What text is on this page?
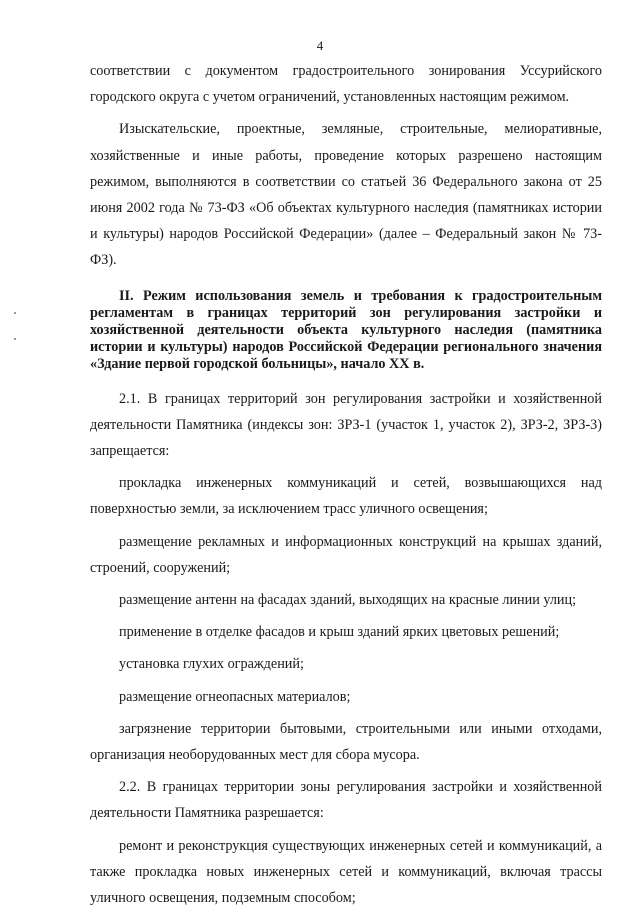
4

соответствии с документом градостроительного зонирования Уссурийского городского округа с учетом ограничений, установленных настоящим режимом.

Изыскательские, проектные, земляные, строительные, мелиоративные, хозяйственные и иные работы, проведение которых разрешено настоящим режимом, выполняются в соответствии со статьей 36 Федерального закона от 25 июня 2002 года № 73-ФЗ «Об объектах культурного наследия (памятниках истории и культуры) народов Российской Федерации» (далее – Федеральный закон № 73-ФЗ).

II. Режим использования земель и требования к градостроительным регламентам в границах территорий зон регулирования застройки и хозяйственной деятельности объекта культурного наследия (памятника истории и культуры) народов Российской Федерации регионального значения «Здание первой городской больницы», начало XX в.

2.1. В границах территорий зон регулирования застройки и хозяйственной деятельности Памятника (индексы зон: ЗРЗ-1 (участок 1, участок 2), ЗРЗ-2, ЗРЗ-3) запрещается:

прокладка инженерных коммуникаций и сетей, возвышающихся над поверхностью земли, за исключением трасс уличного освещения;

размещение рекламных и информационных конструкций на крышах зданий, строений, сооружений;

размещение антенн на фасадах зданий, выходящих на красные линии улиц;

применение в отделке фасадов и крыш зданий ярких цветовых решений;

установка глухих ограждений;

размещение огнеопасных материалов;

загрязнение территории бытовыми, строительными или иными отходами, организация необорудованных мест для сбора мусора.

2.2. В границах территории зоны регулирования застройки и хозяйственной деятельности Памятника разрешается:

ремонт и реконструкция существующих инженерных сетей и коммуникаций, а также прокладка новых инженерных сетей и коммуникаций, включая трассы уличного освещения, подземным способом;
